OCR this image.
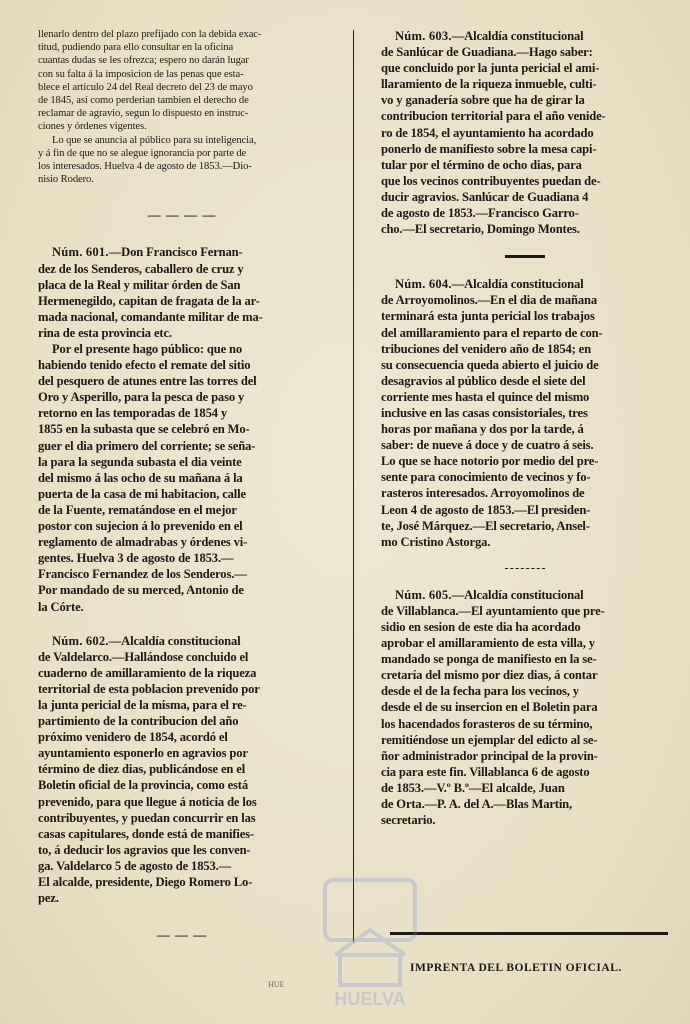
llenarlo dentro del plazo prefijado con la debida exac-

titud, pudiendo para ello consultar en la oficina

cuantas dudas se les ofrezca; espero no darán lugar

con su falta á la imposicion de las penas que esta-

blece el artículo 24 del Real decreto del 23 de mayo

de 1845, así como perderian tambien el derecho de

reclamar de agravio, segun lo dispuesto en instruc-

ciones y órdenes vigentes.

Lo que se anuncia al público para su inteligencia,

y á fin de que no se alegue ignorancia por parte de

los interesados. Huelva 4 de agosto de 1853.—Dio-

nisio Rodero.

— — — —

Núm. 601.—Don Francisco Fernan-

dez de los Senderos, caballero de cruz y

placa de la Real y militar órden de San

Hermenegildo, capitan de fragata de la ar-

mada nacional, comandante militar de ma-

rina de esta provincia etc.

Por el presente hago público: que no

habiendo tenido efecto el remate del sitio

del pesquero de atunes entre las torres del

Oro y Asperillo, para la pesca de paso y

retorno en las temporadas de 1854 y

1855 en la subasta que se celebró en Mo-

guer el dia primero del corriente; se seña-

la para la segunda subasta el dia veinte

del mismo á las ocho de su mañana á la

puerta de la casa de mi habitacion, calle

de la Fuente, rematándose en el mejor

postor con sujecion á lo prevenido en el

reglamento de almadrabas y órdenes vi-

gentes. Huelva 3 de agosto de 1853.—

Francisco Fernandez de los Senderos.—

Por mandado de su merced, Antonio de

la Córte.

Núm. 602.—Alcaldía constitucional

de Valdelarco.—Hallándose concluido el

cuaderno de amillaramiento de la riqueza

territorial de esta poblacion prevenido por

la junta pericial de la misma, para el re-

partimiento de la contribucion del año

próximo venidero de 1854, acordó el

ayuntamiento esponerlo en agravios por

término de diez dias, publicándose en el

Boletin oficial de la provincia, como está

prevenido, para que llegue á noticia de los

contribuyentes, y puedan concurrir en las

casas capitulares, donde está de manifies-

to, á deducir los agravios que les conven-

ga. Valdelarco 5 de agosto de 1853.—

El alcalde, presidente, Diego Romero Lo-

pez.

— — —

Núm. 603.—Alcaldía constitucional

de Sanlúcar de Guadiana.—Hago saber:

que concluido por la junta pericial el ami-

llaramiento de la riqueza inmueble, culti-

vo y ganadería sobre que ha de girar la

contribucion territorial para el año venide-

ro de 1854, el ayuntamiento ha acordado

ponerlo de manifiesto sobre la mesa capi-

tular por el término de ocho dias, para

que los vecinos contribuyentes puedan de-

ducir agravios. Sanlúcar de Guadiana 4

de agosto de 1853.—Francisco Garro-

cho.—El secretario, Domingo Montes.

Núm. 604.—Alcaldía constitucional

de Arroyomolinos.—En el dia de mañana

terminará esta junta pericial los trabajos

del amillaramiento para el reparto de con-

tribuciones del venidero año de 1854; en

su consecuencia queda abierto el juicio de

desagravios al público desde el siete del

corriente mes hasta el quince del mismo

inclusive en las casas consistoriales, tres

horas por mañana y dos por la tarde, á

saber: de nueve á doce y de cuatro á seis.

Lo que se hace notorio por medio del pre-

sente para conocimiento de vecinos y fo-

rasteros interesados. Arroyomolinos de

Leon 4 de agosto de 1853.—El presiden-

te, José Márquez.—El secretario, Ansel-

mo Cristino Astorga.

Núm. 605.—Alcaldía constitucional

de Villablanca.—El ayuntamiento que pre-

sidio en sesion de este dia ha acordado

aprobar el amillaramiento de esta villa, y

mandado se ponga de manifiesto en la se-

cretaría del mismo por diez dias, á contar

desde el de la fecha para los vecinos, y

desde el de su insercion en el Boletin para

los hacendados forasteros de su término,

remitiéndose un ejemplar del edicto al se-

ñor administrador principal de la provin-

cia para este fin. Villablanca 6 de agosto

de 1853.—V.º B.º—El alcalde, Juan

de Orta.—P. A. del A.—Blas Martin,

secretario.

IMPRENTA DEL BOLETIN OFICIAL.
HUE
HUELVA
